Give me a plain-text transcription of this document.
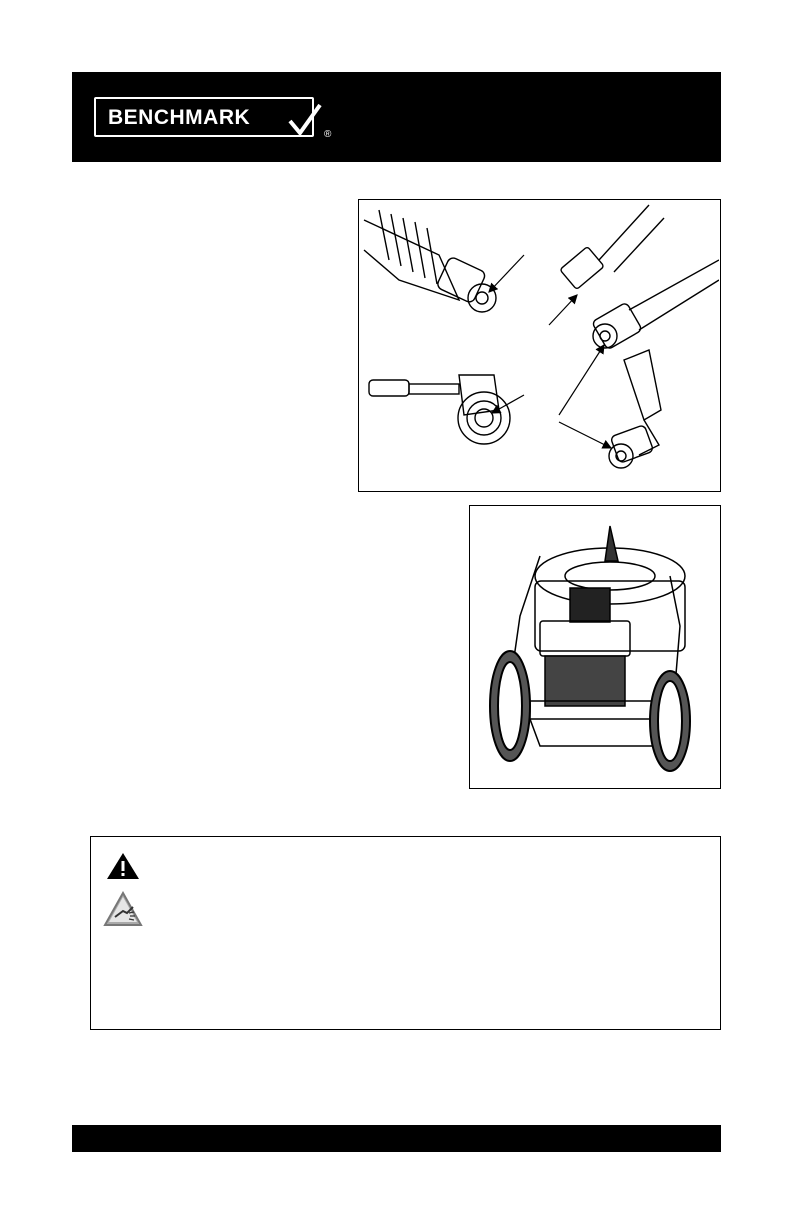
BENCHMARK
®
